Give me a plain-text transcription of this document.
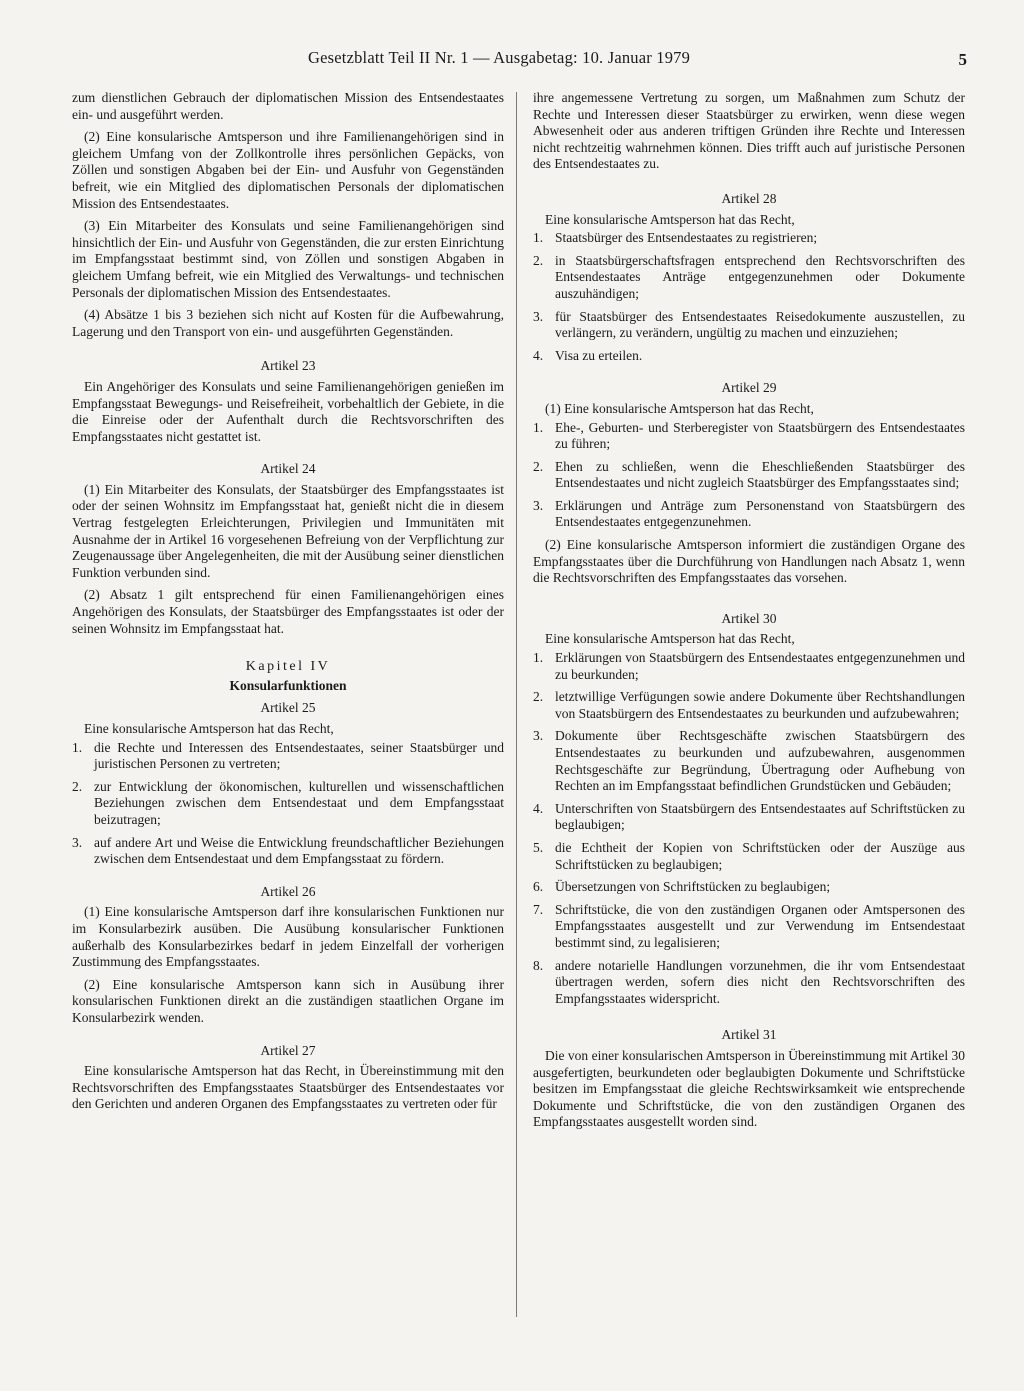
Gesetzblatt Teil II Nr. 1 — Ausgabetag: 10. Januar 1979	5

zum dienstlichen Gebrauch der diplomatischen Mission des Entsendestaates ein- und ausgeführt werden.

(2) Eine konsularische Amtsperson und ihre Familienangehörigen sind in gleichem Umfang von der Zollkontrolle ihres persönlichen Gepäcks, von Zöllen und sonstigen Abgaben bei der Ein- und Ausfuhr von Gegenständen befreit, wie ein Mitglied des diplomatischen Personals der diplomatischen Mission des Entsendestaates.

(3) Ein Mitarbeiter des Konsulats und seine Familienangehörigen sind hinsichtlich der Ein- und Ausfuhr von Gegenständen, die zur ersten Einrichtung im Empfangsstaat bestimmt sind, von Zöllen und sonstigen Abgaben in gleichem Umfang befreit, wie ein Mitglied des Verwaltungs- und technischen Personals der diplomatischen Mission des Entsendestaates.

(4) Absätze 1 bis 3 beziehen sich nicht auf Kosten für die Aufbewahrung, Lagerung und den Transport von ein- und ausgeführten Gegenständen.

Artikel 23

Ein Angehöriger des Konsulats und seine Familienangehörigen genießen im Empfangsstaat Bewegungs- und Reisefreiheit, vorbehaltlich der Gebiete, in die die Einreise oder der Aufenthalt durch die Rechtsvorschriften des Empfangsstaates nicht gestattet ist.

Artikel 24

(1) Ein Mitarbeiter des Konsulats, der Staatsbürger des Empfangsstaates ist oder der seinen Wohnsitz im Empfangsstaat hat, genießt nicht die in diesem Vertrag festgelegten Erleichterungen, Privilegien und Immunitäten mit Ausnahme der in Artikel 16 vorgesehenen Befreiung von der Verpflichtung zur Zeugenaussage über Angelegenheiten, die mit der Ausübung seiner dienstlichen Funktion verbunden sind.

(2) Absatz 1 gilt entsprechend für einen Familienangehörigen eines Angehörigen des Konsulats, der Staatsbürger des Empfangsstaates ist oder der seinen Wohnsitz im Empfangsstaat hat.

Kapitel IV
Konsularfunktionen
Artikel 25

Eine konsularische Amtsperson hat das Recht,

1. die Rechte und Interessen des Entsendestaates, seiner Staatsbürger und juristischen Personen zu vertreten;
2. zur Entwicklung der ökonomischen, kulturellen und wissenschaftlichen Beziehungen zwischen dem Entsendestaat und dem Empfangsstaat beizutragen;
3. auf andere Art und Weise die Entwicklung freundschaftlicher Beziehungen zwischen dem Entsendestaat und dem Empfangsstaat zu fördern.
Artikel 26

(1) Eine konsularische Amtsperson darf ihre konsularischen Funktionen nur im Konsularbezirk ausüben. Die Ausübung konsularischer Funktionen außerhalb des Konsularbezirkes bedarf in jedem Einzelfall der vorherigen Zustimmung des Empfangsstaates.

(2) Eine konsularische Amtsperson kann sich in Ausübung ihrer konsularischen Funktionen direkt an die zuständigen staatlichen Organe im Konsularbezirk wenden.

Artikel 27

Eine konsularische Amtsperson hat das Recht, in Übereinstimmung mit den Rechtsvorschriften des Empfangsstaates Staatsbürger des Entsendestaates vor den Gerichten und anderen Organen des Empfangsstaates zu vertreten oder für

ihre angemessene Vertretung zu sorgen, um Maßnahmen zum Schutz der Rechte und Interessen dieser Staatsbürger zu erwirken, wenn diese wegen Abwesenheit oder aus anderen triftigen Gründen ihre Rechte und Interessen nicht rechtzeitig wahrnehmen können. Dies trifft auch auf juristische Personen des Entsendestaates zu.

Artikel 28

Eine konsularische Amtsperson hat das Recht,

1. Staatsbürger des Entsendestaates zu registrieren;
2. in Staatsbürgerschaftsfragen entsprechend den Rechtsvorschriften des Entsendestaates Anträge entgegenzunehmen oder Dokumente auszuhändigen;
3. für Staatsbürger des Entsendestaates Reisedokumente auszustellen, zu verlängern, zu verändern, ungültig zu machen und einzuziehen;
4. Visa zu erteilen.
Artikel 29

(1) Eine konsularische Amtsperson hat das Recht,

1. Ehe-, Geburten- und Sterberegister von Staatsbürgern des Entsendestaates zu führen;
2. Ehen zu schließen, wenn die Eheschließenden Staatsbürger des Entsendestaates und nicht zugleich Staatsbürger des Empfangsstaates sind;
3. Erklärungen und Anträge zum Personenstand von Staatsbürgern des Entsendestaates entgegenzunehmen.

(2) Eine konsularische Amtsperson informiert die zuständigen Organe des Empfangsstaates über die Durchführung von Handlungen nach Absatz 1, wenn die Rechtsvorschriften des Empfangsstaates das vorsehen.

Artikel 30

Eine konsularische Amtsperson hat das Recht,

1. Erklärungen von Staatsbürgern des Entsendestaates entgegenzunehmen und zu beurkunden;
2. letztwillige Verfügungen sowie andere Dokumente über Rechtshandlungen von Staatsbürgern des Entsendestaates zu beurkunden und aufzubewahren;
3. Dokumente über Rechtsgeschäfte zwischen Staatsbürgern des Entsendestaates zu beurkunden und aufzubewahren, ausgenommen Rechtsgeschäfte zur Begründung, Übertragung oder Aufhebung von Rechten an im Empfangsstaat befindlichen Grundstücken und Gebäuden;
4. Unterschriften von Staatsbürgern des Entsendestaates auf Schriftstücken zu beglaubigen;
5. die Echtheit der Kopien von Schriftstücken oder der Auszüge aus Schriftstücken zu beglaubigen;
6. Übersetzungen von Schriftstücken zu beglaubigen;
7. Schriftstücke, die von den zuständigen Organen oder Amtspersonen des Empfangsstaates ausgestellt und zur Verwendung im Entsendestaat bestimmt sind, zu legalisieren;
8. andere notarielle Handlungen vorzunehmen, die ihr vom Entsendestaat übertragen werden, sofern dies nicht den Rechtsvorschriften des Empfangsstaates widerspricht.
Artikel 31

Die von einer konsularischen Amtsperson in Übereinstimmung mit Artikel 30 ausgefertigten, beurkundeten oder beglaubigten Dokumente und Schriftstücke besitzen im Empfangsstaat die gleiche Rechtswirksamkeit wie entsprechende Dokumente und Schriftstücke, die von den zuständigen Organen des Empfangsstaates ausgestellt worden sind.
